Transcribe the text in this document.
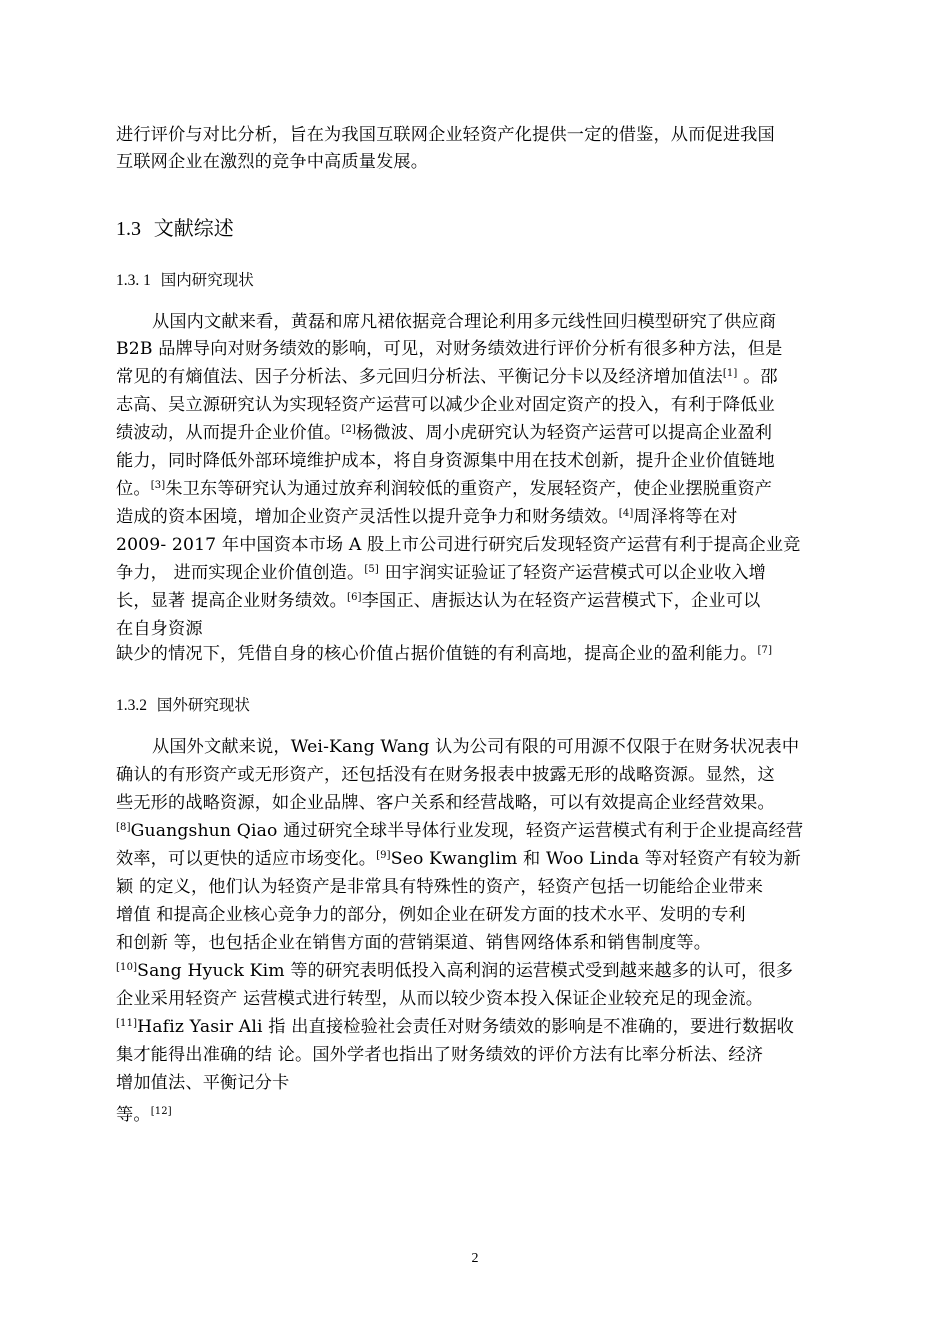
进行评价与对比分析，旨在为我国互联网企业轻资产化提供一定的借鉴，从而促进我国
互联网企业在激烈的竞争中高质量发展。
1.3 文献综述
1.3. 1 国内研究现状
从国内文献来看，黄磊和席凡裙依据竞合理论利用多元线性回归模型研究了供应商
B2B 品牌导向对财务绩效的影响，可见，对财务绩效进行评价分析有很多种方法，但是
常见的有熵值法、因子分析法、多元回归分析法、平衡记分卡以及经济增加值法[1] 。邵
志高、吴立源研究认为实现轻资产运营可以减少企业对固定资产的投入，有利于降低业
绩波动，从而提升企业价值。[2]杨微波、周小虎研究认为轻资产运营可以提高企业盈利
能力，同时降低外部环境维护成本，将自身资源集中用在技术创新，提升企业价值链地
位。[3]朱卫东等研究认为通过放弃利润较低的重资产，发展轻资产，使企业摆脱重资产
造成的资本困境，增加企业资产灵活性以提升竞争力和财务绩效。[4]周泽将等在对
2009- 2017 年中国资本市场 A 股上市公司进行研究后发现轻资产运营有利于提高企业竞
争力， 进而实现企业价值创造。[5] 田宇润实证验证了轻资产运营模式可以企业收入增
长，显著 提高企业财务绩效。[6]李国正、唐振达认为在轻资产运营模式下，企业可以
在自身资源
缺少的情况下，凭借自身的核心价值占据价值链的有利高地，提高企业的盈利能力。[7]
1.3.2 国外研究现状
从国外文献来说，Wei-Kang Wang 认为公司有限的可用源不仅限于在财务状况表中
确认的有形资产或无形资产，还包括没有在财务报表中披露无形的战略资源。显然，这
些无形的战略资源，如企业品牌、客户关系和经营战略，可以有效提高企业经营效果。
[8]Guangshun Qiao 通过研究全球半导体行业发现，轻资产运营模式有利于企业提高经营
效率，可以更快的适应市场变化。[9]Seo Kwanglim 和 Woo Linda 等对轻资产有较为新
颖 的定义，他们认为轻资产是非常具有特殊性的资产，轻资产包括一切能给企业带来
增值 和提高企业核心竞争力的部分，例如企业在研发方面的技术水平、发明的专利
和创新 等，也包括企业在销售方面的营销渠道、销售网络体系和销售制度等。
[10]Sang Hyuck Kim 等的研究表明低投入高利润的运营模式受到越来越多的认可，很多
企业采用轻资产 运营模式进行转型，从而以较少资本投入保证企业较充足的现金流。
[11]Hafiz Yasir Ali 指 出直接检验社会责任对财务绩效的影响是不准确的，要进行数据收
集才能得出准确的结 论。国外学者也指出了财务绩效的评价方法有比率分析法、经济
增加值法、平衡记分卡
等。[12]
2
